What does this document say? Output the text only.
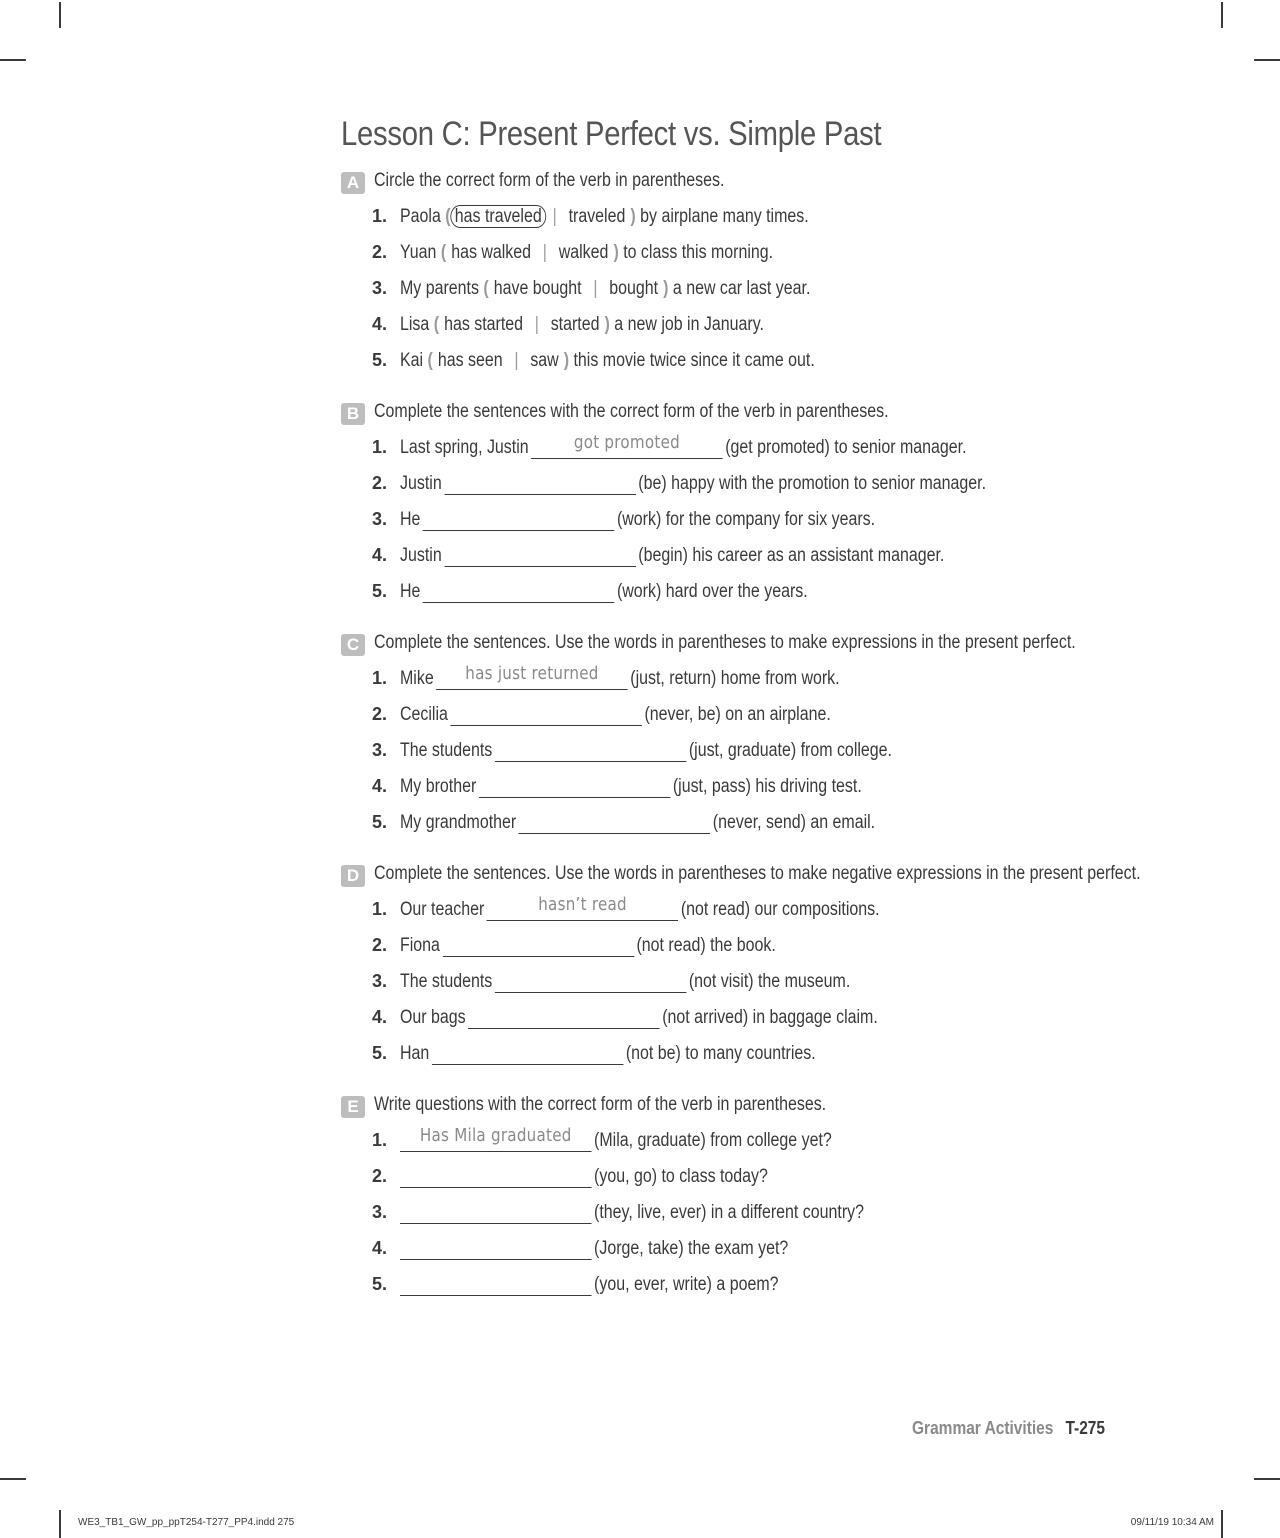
Lesson C: Present Perfect vs. Simple Past
A Circle the correct form of the verb in parentheses.
1. Paola ( has traveled | traveled ) by airplane many times.
2. Yuan ( has walked | walked ) to class this morning.
3. My parents ( have bought | bought ) a new car last year.
4. Lisa ( has started | started ) a new job in January.
5. Kai ( has seen | saw ) this movie twice since it came out.
B Complete the sentences with the correct form of the verb in parentheses.
1. Last spring, Justin	got promoted (get promoted) to senior manager.
2. Justin	(be) happy with the promotion to senior manager.
3. He	(work) for the company for six years.
4. Justin	(begin) his career as an assistant manager.
5. He	(work) hard over the years.
C Complete the sentences. Use the words in parentheses to make expressions in the present perfect.
1. Mike has just returned (just, return) home from work.
2. Cecilia	(never, be) on an airplane.
3. The students	(just, graduate) from college.
4. My brother	(just, pass) his driving test.
5. My grandmother	(never, send) an email.
D Complete the sentences. Use the words in parentheses to make negative expressions in the present perfect.
1. Our teacher	hasn’t read	(not read) our compositions.
2. Fiona	(not read) the book.
3. The students	(not visit) the museum.
4. Our bags	(not arrived) in baggage claim.
5. Han	(not be) to many countries.
E Write questions with the correct form of the verb in parentheses.
1.	Has Mila graduated (Mila, graduate) from college yet?
2.	(you, go) to class today?
3.	(they, live, ever) in a different country?
4.	(Jorge, take) the exam yet?
5.	(you, ever, write) a poem?
Grammar Activities T-275
WE3_TB1_GW_pp_ppT254-T277_PP4.indd 275	09/11/19 10:34 AM
